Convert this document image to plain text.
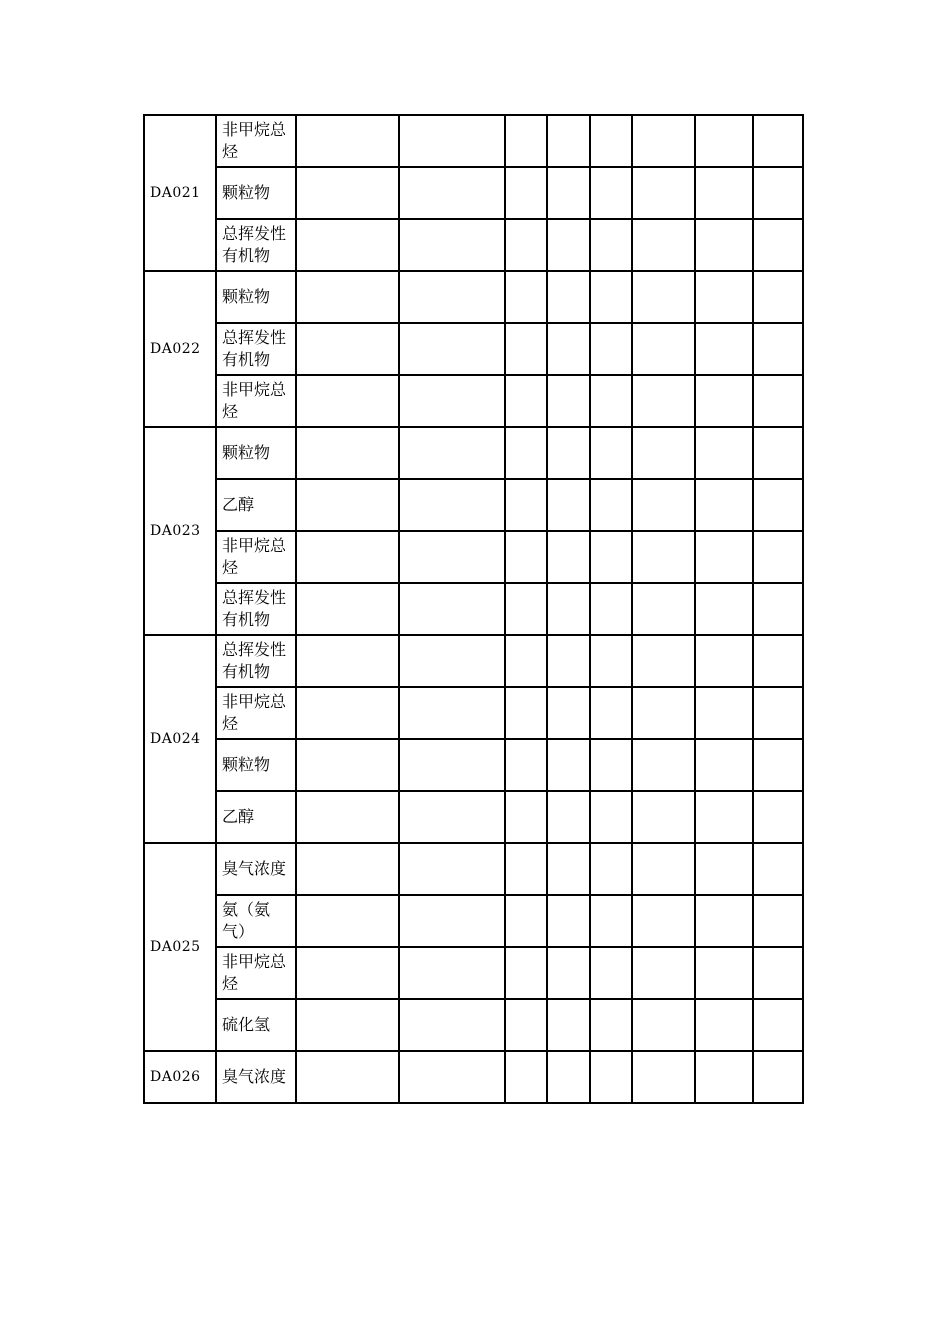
DA021	非甲烷总烃								
	颗粒物								
	总挥发性有机物								
DA022	颗粒物								
	总挥发性有机物								
	非甲烷总烃								
DA023	颗粒物								
	乙醇								
	非甲烷总烃								
	总挥发性有机物								
DA024	总挥发性有机物								
	非甲烷总烃								
	颗粒物								
	乙醇								
DA025	臭气浓度								
	氨（氨气）								
	非甲烷总烃								
	硫化氢								
DA026	臭气浓度								
